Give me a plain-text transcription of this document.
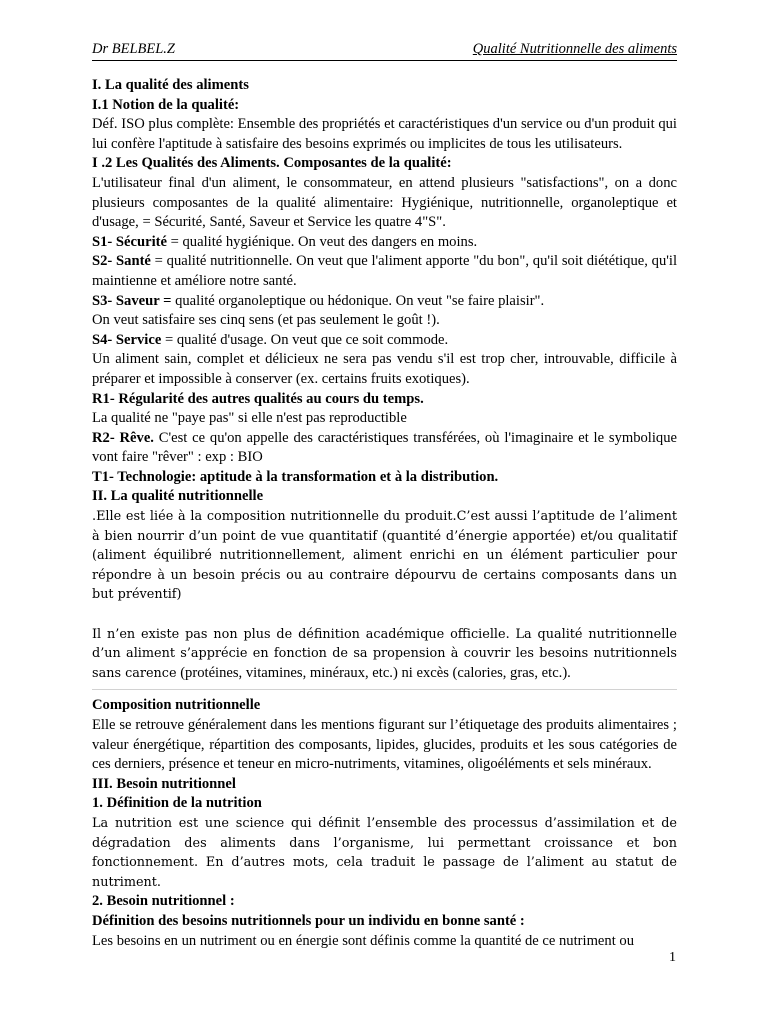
Dr BELBEL.Z	Qualité Nutritionnelle des aliments

I. La qualité des aliments

I.1 Notion de la qualité:

Déf. ISO plus complète: Ensemble des propriétés et caractéristiques d'un service ou d'un produit qui lui confère l'aptitude à satisfaire des besoins exprimés ou implicites de tous les utilisateurs.

I .2 Les Qualités des Aliments. Composantes de la qualité:

L'utilisateur final d'un aliment, le consommateur, en attend plusieurs "satisfactions", on a donc plusieurs composantes de la qualité alimentaire: Hygiénique, nutritionnelle, organoleptique et d'usage, = Sécurité, Santé, Saveur et Service les quatre 4"S".

S1- Sécurité = qualité hygiénique. On veut des dangers en moins.

S2- Santé = qualité nutritionnelle. On veut que l'aliment apporte "du bon", qu'il soit diététique, qu'il maintienne et améliore notre santé.

S3- Saveur = qualité organoleptique ou hédonique. On veut "se faire plaisir".

On veut satisfaire ses cinq sens (et pas seulement le goût !).

S4- Service = qualité d'usage. On veut que ce soit commode.

Un aliment sain, complet et délicieux ne sera pas vendu s'il est trop cher, introuvable, difficile à préparer et impossible à conserver (ex. certains fruits exotiques).

R1- Régularité des autres qualités au cours du temps.

La qualité ne "paye pas" si elle n'est pas reproductible

R2- Rêve. C'est ce qu'on appelle des caractéristiques transférées, où l'imaginaire et le symbolique vont faire "rêver" : exp : BIO

T1- Technologie: aptitude à la transformation et à la distribution.

II. La qualité nutritionnelle

.Elle est liée à la composition nutritionnelle du produit.C’est aussi l’aptitude de l’aliment à bien nourrir d’un point de vue quantitatif (quantité d’énergie apportée) et/ou qualitatif (aliment équilibré nutritionnellement, aliment enrichi en un élément particulier pour répondre à un besoin précis ou au contraire dépourvu de certains composants dans un but préventif)

Il n’en existe pas non plus de définition académique officielle. La qualité nutritionnelle d’un aliment s’apprécie en fonction de sa propension à couvrir les besoins nutritionnels sans carence (protéines, vitamines, minéraux, etc.) ni excès (calories, gras, etc.).

Composition nutritionnelle

Elle se retrouve généralement dans les mentions figurant sur l’étiquetage des produits alimentaires ; valeur énergétique, répartition des composants, lipides, glucides, produits et les sous catégories de ces derniers, présence et teneur en micro-nutriments, vitamines, oligoéléments et sels minéraux.

III. Besoin nutritionnel

1. Définition de la nutrition

La nutrition est une science qui définit l’ensemble des processus d’assimilation et de dégradation des aliments dans l’organisme, lui permettant croissance et bon fonctionnement. En d’autres mots, cela traduit le passage de l’aliment au statut de nutriment.

2. Besoin nutritionnel :

Définition des besoins nutritionnels pour un individu en bonne santé :

Les besoins en un nutriment ou en énergie sont définis comme la quantité de ce nutriment ou

1
